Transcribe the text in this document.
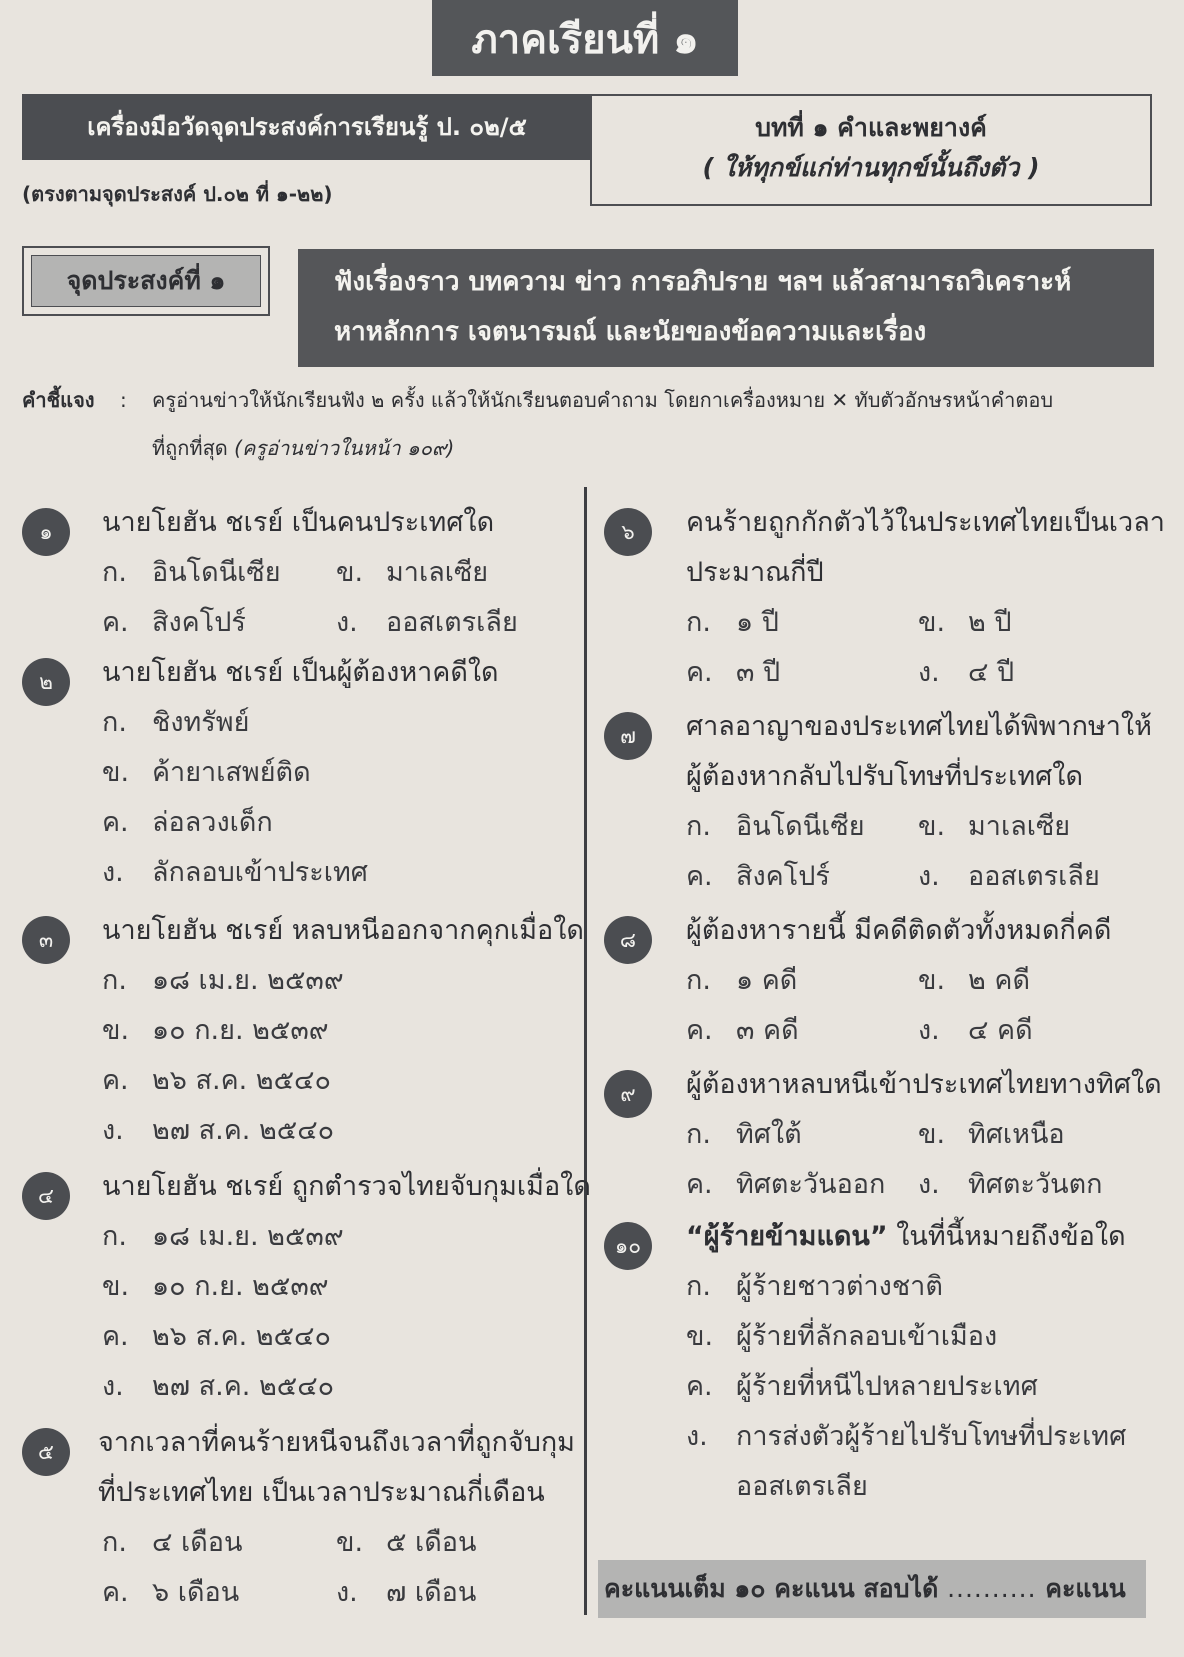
ภาคเรียนที่ ๑
เครื่องมือวัดจุดประสงค์การเรียนรู้ ป. ๐๒/๕	บทที่ ๑ คำและพยางค์
( ให้ทุกข์แก่ท่านทุกข์นั้นถึงตัว )
(ตรงตามจุดประสงค์ ป.๐๒ ที่ ๑-๒๒)
จุดประสงค์ที่ ๑	ฟังเรื่องราว บทความ ข่าว การอภิปราย ฯลฯ แล้วสามารถวิเคราะห์
หาหลักการ เจตนารมณ์ และนัยของข้อความและเรื่อง
คำชี้แจง : ครูอ่านข่าวให้นักเรียนฟัง ๒ ครั้ง แล้วให้นักเรียนตอบคำถาม โดยกาเครื่องหมาย ✕ ทับตัวอักษรหน้าคำตอบ
ที่ถูกที่สุด (ครูอ่านข่าวในหน้า ๑๐๙)
๑	นายโยฮัน ชเรย์ เป็นคนประเทศใด
ก. อินโดนีเซีย ข. มาเลเซีย
ค. สิงคโปร์	ง. ออสเตรเลีย
๒	นายโยฮัน ชเรย์ เป็นผู้ต้องหาคดีใด
ก. ชิงทรัพย์
ข. ค้ายาเสพย์ติด
ค. ล่อลวงเด็ก
ง. ลักลอบเข้าประเทศ
๓	นายโยฮัน ชเรย์ หลบหนีออกจากคุกเมื่อใด
ก. ๑๘ เม.ย. ๒๕๓๙
ข. ๑๐ ก.ย. ๒๕๓๙
ค. ๒๖ ส.ค. ๒๕๔๐
ง. ๒๗ ส.ค. ๒๕๔๐
๔	นายโยฮัน ชเรย์ ถูกตำรวจไทยจับกุมเมื่อใด
ก. ๑๘ เม.ย. ๒๕๓๙
ข. ๑๐ ก.ย. ๒๕๓๙
ค. ๒๖ ส.ค. ๒๕๔๐
ง. ๒๗ ส.ค. ๒๕๔๐
๕	จากเวลาที่คนร้ายหนีจนถึงเวลาที่ถูกจับกุม
ที่ประเทศไทย เป็นเวลาประมาณกี่เดือน
ก. ๔ เดือน	ข. ๕ เดือน
ค. ๖ เดือน	ง. ๗ เดือน
๖	คนร้ายถูกกักตัวไว้ในประเทศไทยเป็นเวลา
ประมาณกี่ปี
ก. ๑ ปี	ข. ๒ ปี
ค. ๓ ปี	ง. ๔ ปี
๗	ศาลอาญาของประเทศไทยได้พิพากษาให้
ผู้ต้องหากลับไปรับโทษที่ประเทศใด
ก. อินโดนีเซีย ข. มาเลเซีย
ค. สิงคโปร์	ง. ออสเตรเลีย
๘	ผู้ต้องหารายนี้ มีคดีติดตัวทั้งหมดกี่คดี
ก. ๑ คดี	ข. ๒ คดี
ค. ๓ คดี	ง. ๔ คดี
๙	ผู้ต้องหาหลบหนีเข้าประเทศไทยทางทิศใด
ก. ทิศใต้	ข. ทิศเหนือ
ค. ทิศตะวันออก ง. ทิศตะวันตก
๑๐	“ผู้ร้ายข้ามแดน” ในที่นี้หมายถึงข้อใด
ก. ผู้ร้ายชาวต่างชาติ
ข. ผู้ร้ายที่ลักลอบเข้าเมือง
ค. ผู้ร้ายที่หนีไปหลายประเทศ
ง. การส่งตัวผู้ร้ายไปรับโทษที่ประเทศ
ออสเตรเลีย
คะแนนเต็ม ๑๐ คะแนน สอบได้ .......... คะแนน
